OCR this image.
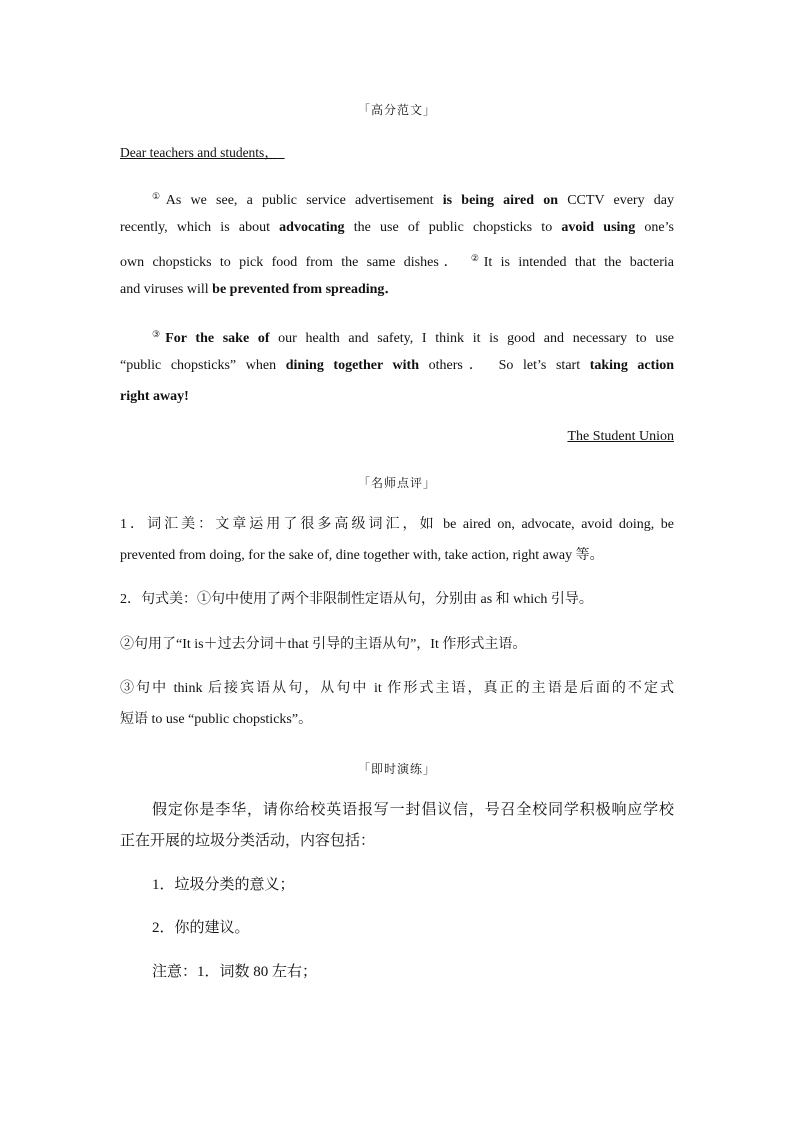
「高分范文」
Dear teachers and students，
①As we see, a public service advertisement is being aired on CCTV every day
recently, which is about advocating the use of public chopsticks to avoid using one’s
own chopsticks to pick food from the same dishes． ②It is intended that the bacteria
and viruses will be prevented from spreading．
③For the sake of our health and safety, I think it is good and necessary to use
“public chopsticks” when dining together with others． So let’s start taking action
right away!
The Student Union
「名师点评」
1．词汇美：文章运用了很多高级词汇，如 be aired on, advocate, avoid doing, be
prevented from doing, for the sake of, dine together with, take action, right away 等。
2．句式美：①句中使用了两个非限制性定语从句，分别由 as 和 which 引导。
②句用了“It is＋过去分词＋that 引导的主语从句”，It 作形式主语。
③句中 think 后接宾语从句，从句中 it 作形式主语，真正的主语是后面的不定式
短语 to use “public chopsticks”。
「即时演练」
假定你是李华，请你给校英语报写一封倡议信，号召全校同学积极响应学校
正在开展的垃圾分类活动，内容包括：
1．垃圾分类的意义；
2．你的建议。
注意：1．词数 80 左右；
